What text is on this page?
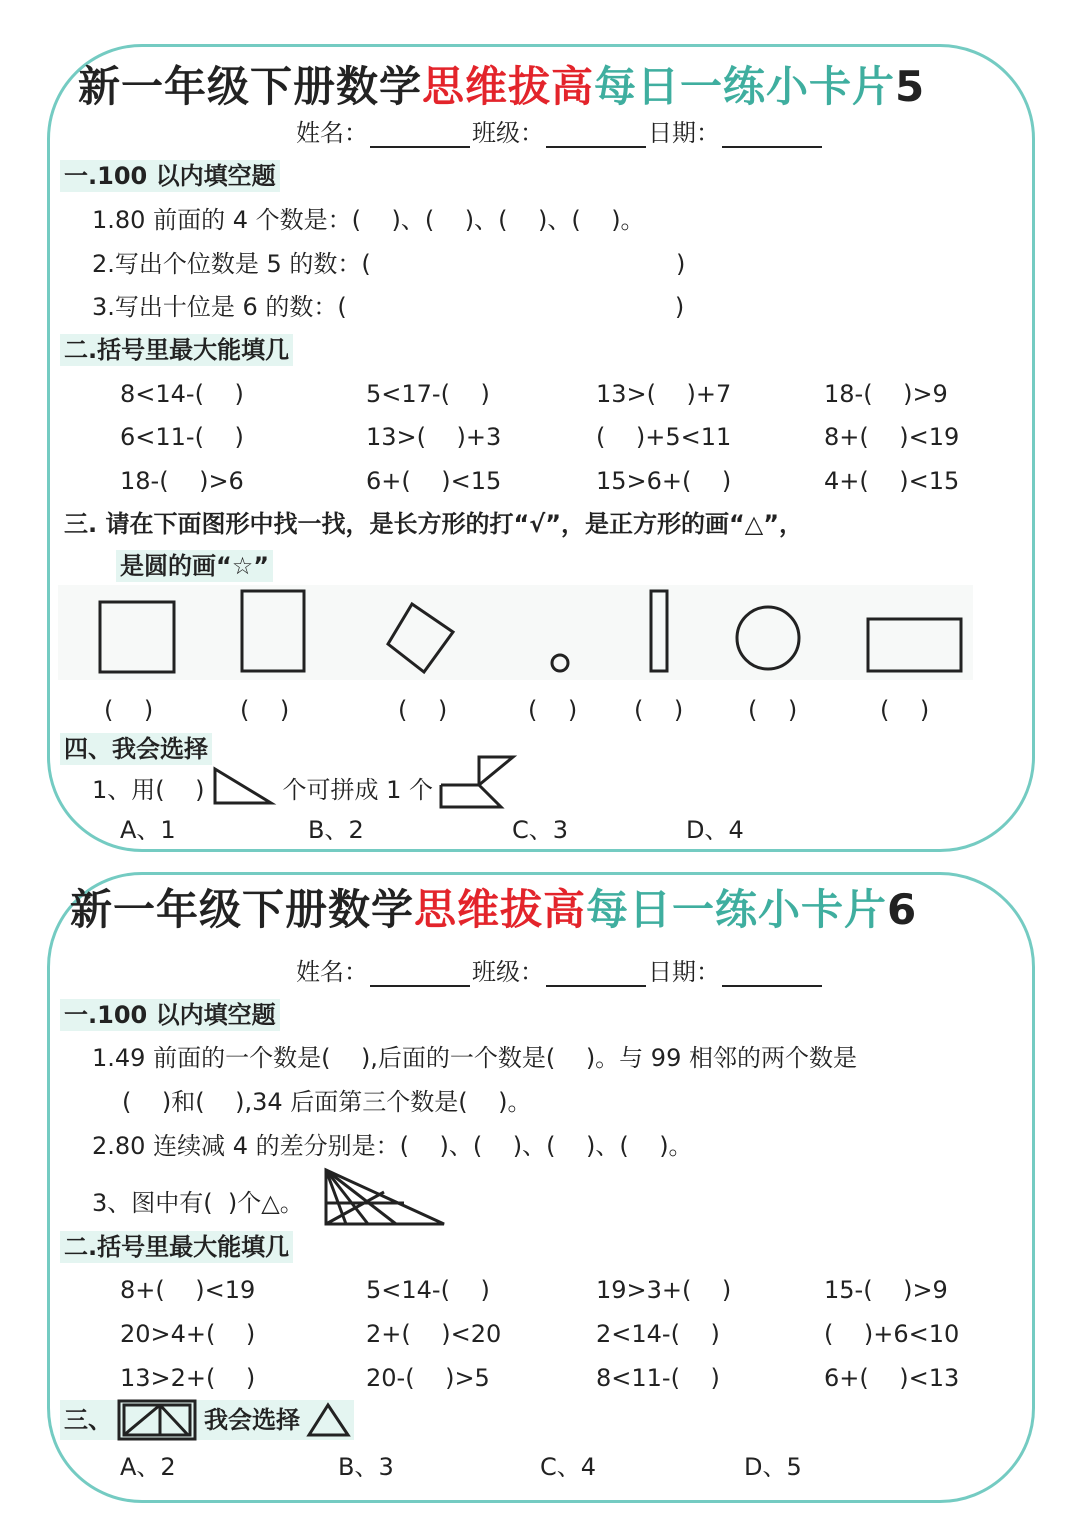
新一年级下册数学 思维拔高 每日一练小卡片 5
姓名：	班级：	日期：
一.100 以内填空题
1.80 前面的 4 个数是：(    )、(    )、(    )、(    )。
2.写出个位数是 5 的数：(                                        )
3.写出十位是 6 的数：(                                           )
二.括号里最大能填几
8<14-(    )	5<17-(    )	13>(    )+7	18-(    )>9
6<11-(    )	13>(    )+3	(    )+5<11	8+(    )<19
18-(    )>6	6+(    )<15	15>6+(    )	4+(    )<15
三. 请在下面图形中找一找，是长方形的打“√”，是正方形的画“△”，
是圆的画“☆”
(    )	(    )	(    )	(    ) (    )	(    )	(    )
四、我会选择
1、用(    )	个可拼成 1 个
A、1	B、2	C、3	D、4
新一年级下册数学 思维拔高 每日一练小卡片 6
姓名：	班级：	日期：
一.100 以内填空题
1.49 前面的一个数是(    ),后面的一个数是(    )。与 99 相邻的两个数是
(    )和(    ),34 后面第三个数是(    )。
2.80 连续减 4 的差分别是：(    )、(    )、(    )、(    )。
3、图中有(  )个△。
二.括号里最大能填几
8+(    )<19	5<14-(    )	19>3+(    )	15-(    )>9
20>4+(    )	2+(    )<20	2<14-(    )	(    )+6<10
13>2+(    )	20-(    )>5	8<11-(    )	6+(    )<13
三、	我会选择
A、2	B、3	C、4	D、5
